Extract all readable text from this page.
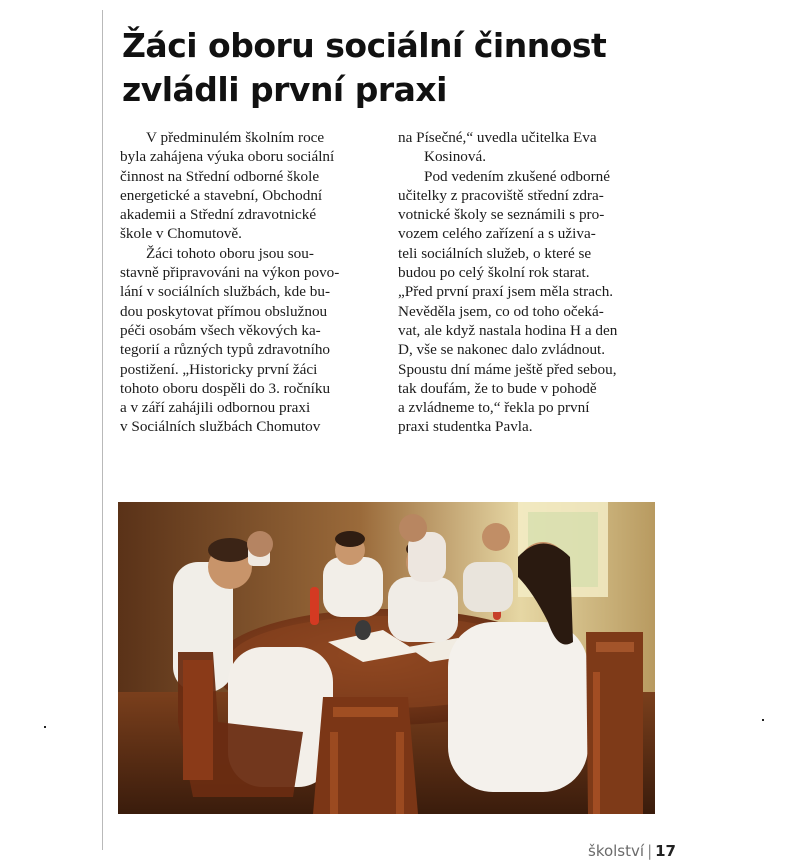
Žáci oboru sociální činnost
zvládli první praxi
V předminulém školním roce
byla zahájena výuka oboru sociální
činnost na Střední odborné škole
energetické a stavební, Obchodní
akademii a Střední zdravotnické
škole v Chomutově.
Žáci tohoto oboru jsou sou-
stavně připravováni na výkon povo-
lání v sociálních službách, kde bu-
dou poskytovat přímou obslužnou
péči osobám všech věkových ka-
tegorií a různých typů zdravotního
postižení. „Historicky první žáci
tohoto oboru dospěli do 3. ročníku
a v září zahájili odbornou praxi
v Sociálních službách Chomutov
na Písečné,“ uvedla učitelka Eva
Kosinová.
Pod vedením zkušené odborné
učitelky z pracoviště střední zdra-
votnické školy se seznámili s pro-
vozem celého zařízení a s uživa-
teli sociálních služeb, o které se
budou po celý školní rok starat.
„Před první praxí jsem měla strach.
Nevěděla jsem, co od toho očeká-
vat, ale když nastala hodina H a den
D, vše se nakonec dalo zvládnout.
Spoustu dní máme ještě před sebou,
tak doufám, že to bude v pohodě
a zvládneme to,“ řekla po první
praxi studentka Pavla.
školství | 17
